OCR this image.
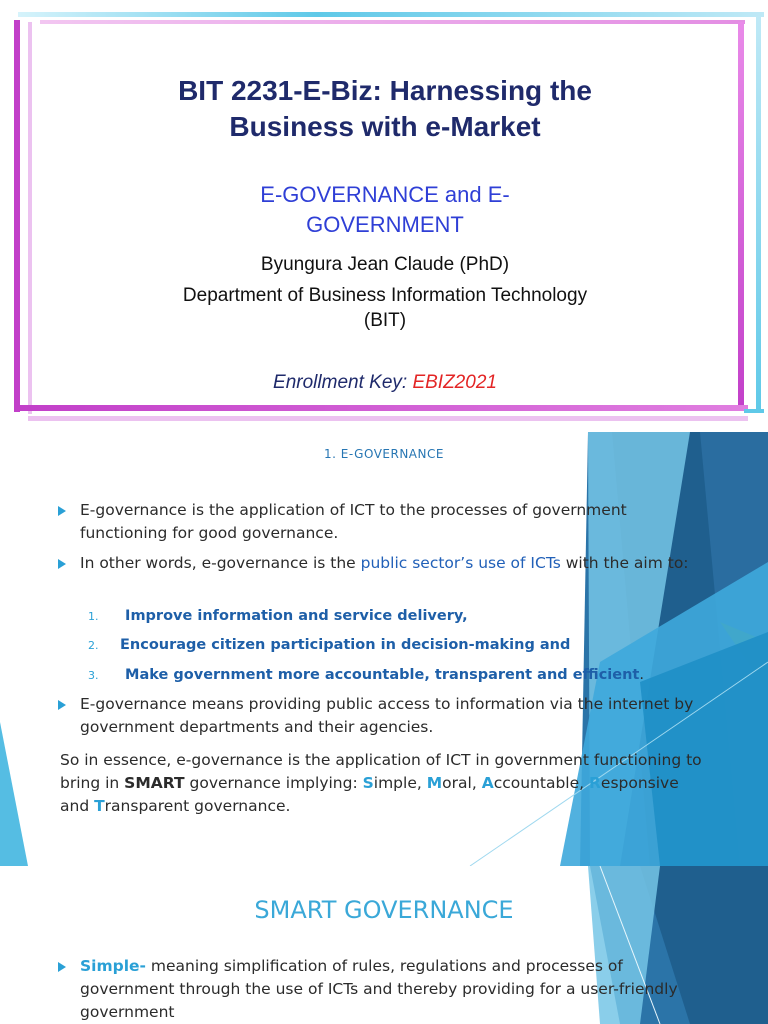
BIT 2231-E-Biz: Harnessing the
Business with e-Market
E-GOVERNANCE and E-
GOVERNMENT
Byungura Jean Claude (PhD)
Department of Business Information Technology
(BIT)
Enrollment Key: EBIZ2021
1. E-GOVERNANCE
E-governance is the application of ICT to the processes of government functioning for good governance.
In other words, e-governance is the public sector’s use of ICTs with the aim to:
1. Improve information and service delivery,
2. Encourage citizen participation in decision-making and
3. Make government more accountable, transparent and efficient.
E-governance means providing public access to information via the internet by government departments and their agencies.
So in essence, e-governance is the application of ICT in government functioning to bring in SMART governance implying: Simple, Moral, Accountable, Responsive and Transparent governance.
SMART GOVERNANCE
Simple- meaning simplification of rules, regulations and processes of government through the use of ICTs and thereby providing for a user-friendly government
